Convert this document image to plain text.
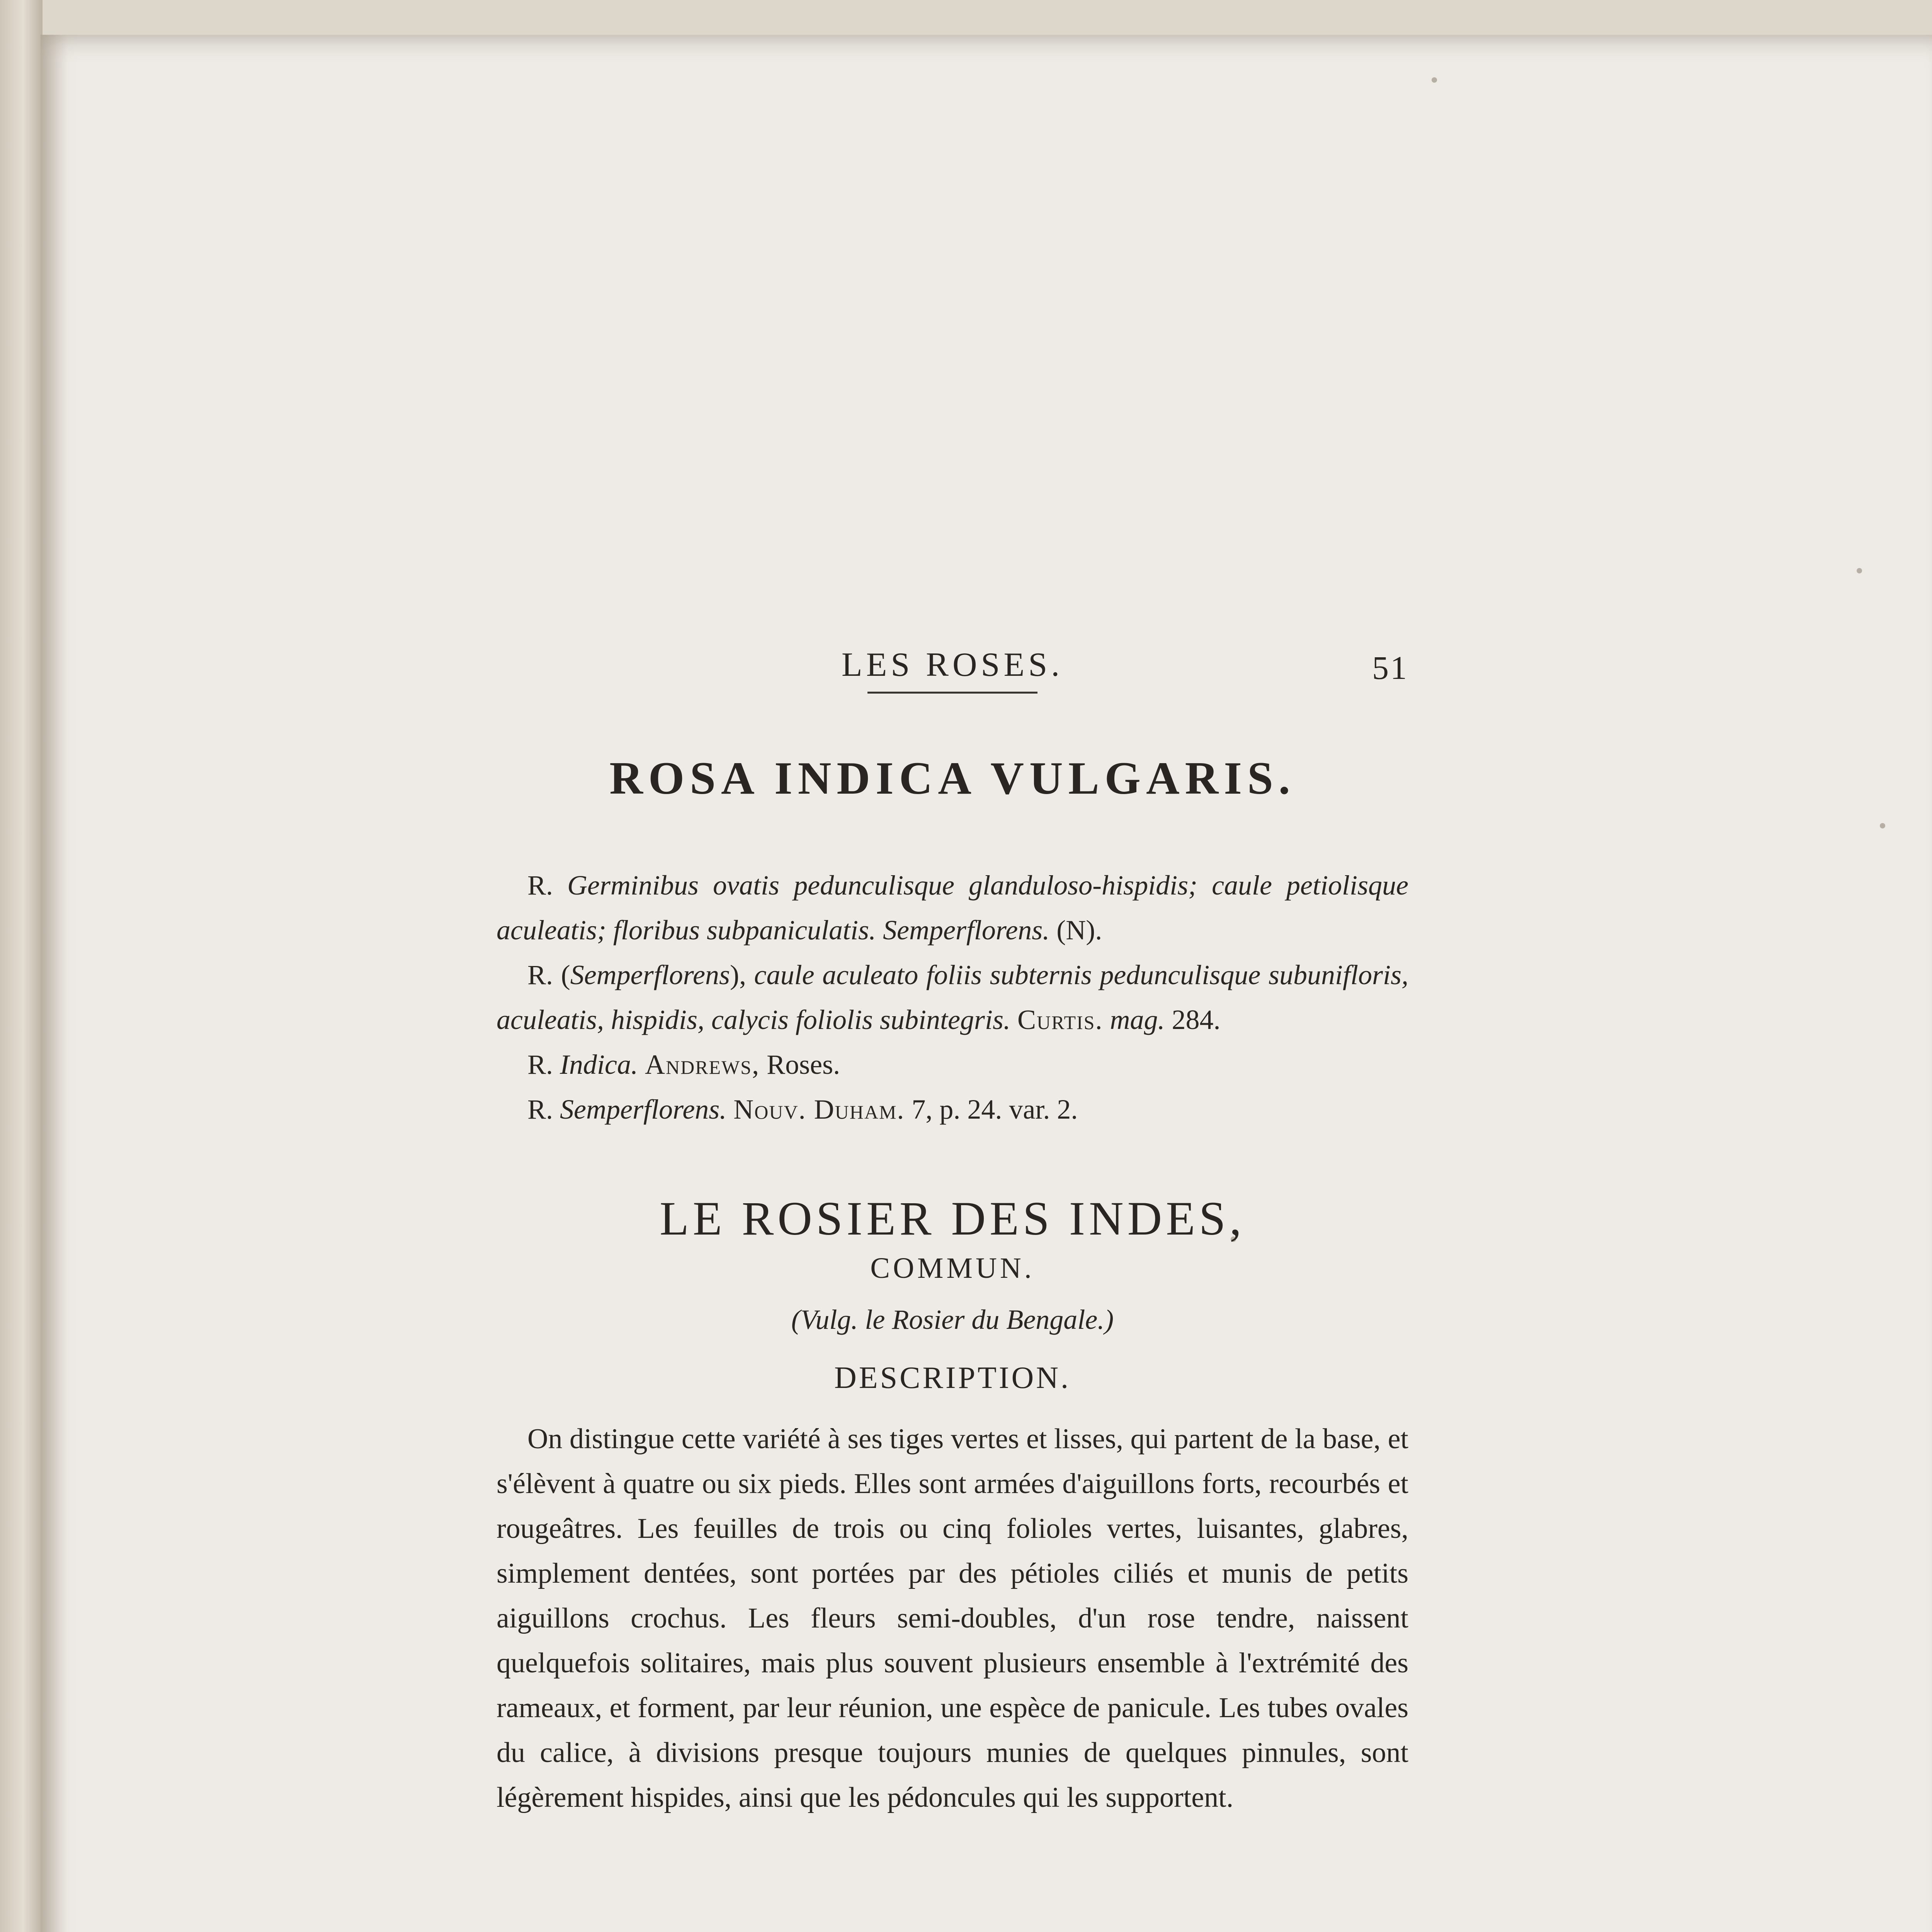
LES ROSES.	51
ROSA INDICA VULGARIS.

R. Germinibus ovatis pedunculisque glanduloso-hispidis; caule petiolisque aculeatis; floribus subpaniculatis. Semperflorens. (N).

R. (Semperflorens), caule aculeato foliis subternis pedunculisque subunifloris, aculeatis, hispidis, calycis foliolis subintegris. Curtis. mag. 284.

R. Indica. Andrews, Roses.

R. Semperflorens. Nouv. Duham. 7, p. 24. var. 2.

LE ROSIER DES INDES,
COMMUN.
(Vulg. le Rosier du Bengale.)
DESCRIPTION.
On distingue cette variété à ses tiges vertes et lisses, qui partent de la base, et s'élèvent à quatre ou six pieds. Elles sont armées d'aiguillons forts, recourbés et rougeâtres. Les feuilles de trois ou cinq folioles vertes, luisantes, glabres, simplement dentées, sont portées par des pétioles ciliés et munis de petits aiguillons crochus. Les fleurs semi-doubles, d'un rose tendre, naissent quelquefois solitaires, mais plus souvent plusieurs ensemble à l'extrémité des rameaux, et forment, par leur réunion, une espèce de panicule. Les tubes ovales du calice, à divisions presque toujours munies de quelques pinnules, sont légèrement hispides, ainsi que les pédoncules qui les supportent.
